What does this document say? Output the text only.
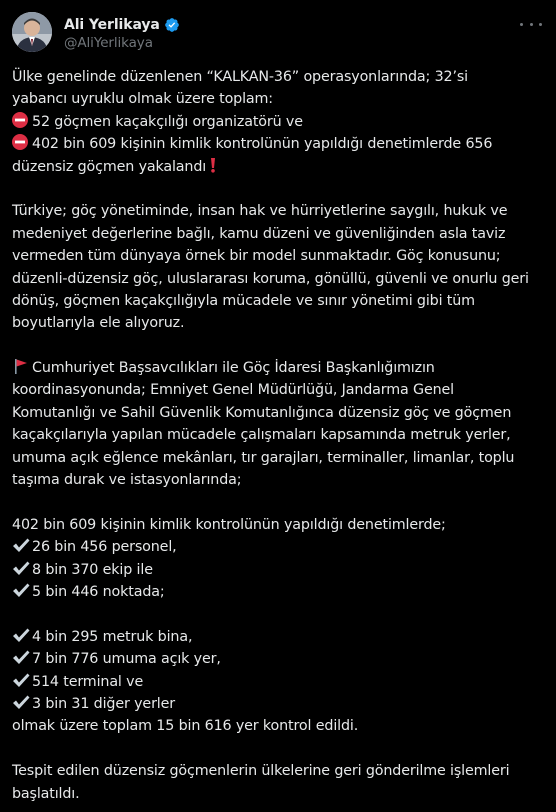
Ali Yerlikaya
@AliYerlikaya
Ülke genelinde düzenlenen “KALKAN-36” operasyonlarında; 32’si
yabancı uyruklu olmak üzere toplam:
52 göçmen kaçakçılığı organizatörü ve
402 bin 609 kişinin kimlik kontrolünün yapıldığı denetimlerde 656
düzensiz göçmen yakalandı
Türkiye; göç yönetiminde, insan hak ve hürriyetlerine saygılı, hukuk ve
medeniyet değerlerine bağlı, kamu düzeni ve güvenliğinden asla taviz
vermeden tüm dünyaya örnek bir model sunmaktadır. Göç konusunu;
düzenli-düzensiz göç, uluslararası koruma, gönüllü, güvenli ve onurlu geri
dönüş, göçmen kaçakçılığıyla mücadele ve sınır yönetimi gibi tüm
boyutlarıyla ele alıyoruz.
Cumhuriyet Başsavcılıkları ile Göç İdaresi Başkanlığımızın
koordinasyonunda; Emniyet Genel Müdürlüğü, Jandarma Genel
Komutanlığı ve Sahil Güvenlik Komutanlığınca düzensiz göç ve göçmen
kaçakçılarıyla yapılan mücadele çalışmaları kapsamında metruk yerler,
umuma açık eğlence mekânları, tır garajları, terminaller, limanlar, toplu
taşıma durak ve istasyonlarında;
402 bin 609 kişinin kimlik kontrolünün yapıldığı denetimlerde;
26 bin 456 personel,
8 bin 370 ekip ile
5 bin 446 noktada;
4 bin 295 metruk bina,
7 bin 776 umuma açık yer,
514 terminal ve
3 bin 31 diğer yerler
olmak üzere toplam 15 bin 616 yer kontrol edildi.
Tespit edilen düzensiz göçmenlerin ülkelerine geri gönderilme işlemleri
başlatıldı.
